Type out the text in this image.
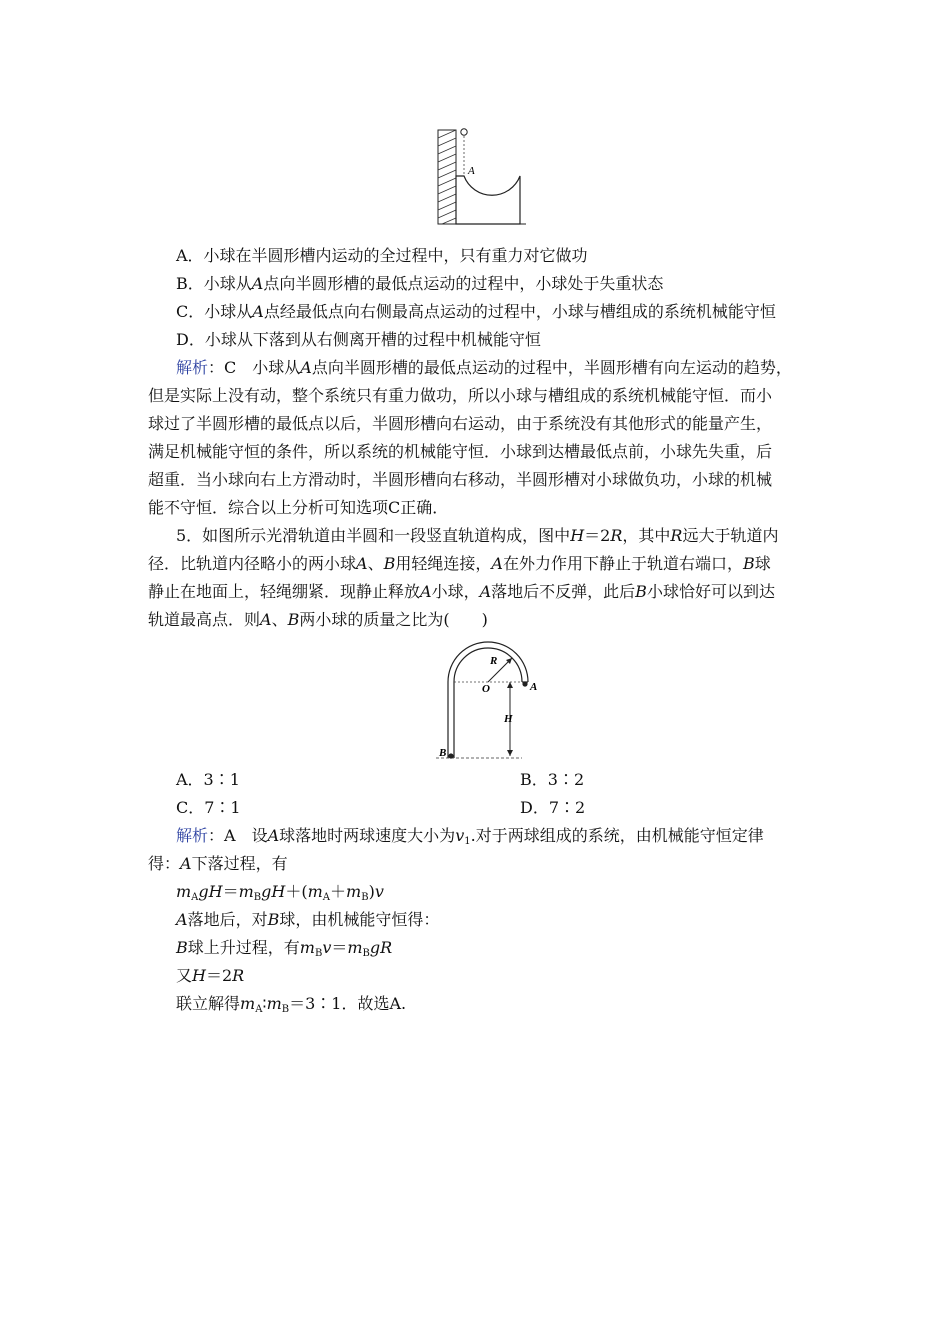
A
A．小球在半圆形槽内运动的全过程中，只有重力对它做功
B．小球从A点向半圆形槽的最低点运动的过程中，小球处于失重状态
C．小球从A点经最低点向右侧最高点运动的过程中，小球与槽组成的系统机械能守恒
D．小球从下落到从右侧离开槽的过程中机械能守恒
解析：C　 小球从A点向半圆形槽的最低点运动的过程中，半圆形槽有向左运动的趋势，
但是实际上没有动，整个系统只有重力做功，所以小球与槽组成的系统机械能守恒．而小
球过了半圆形槽的最低点以后，半圆形槽向右运动，由于系统没有其他形式的能量产生，
满足机械能守恒的条件，所以系统的机械能守恒．小球到达槽最低点前，小球先失重，后
超重．当小球向右上方滑动时，半圆形槽向右移动，半圆形槽对小球做负功，小球的机械
能不守恒．综合以上分析可知选项C正确．
5．如图所示光滑轨道由半圆和一段竖直轨道构成，图中H＝2R，其中R远大于轨道内
径．比轨道内径略小的两小球A、B用轻绳连接，A在外力作用下静止于轨道右端口，B球
静止在地面上，轻绳绷紧．现静止释放A小球，A落地后不反弹，此后B小球恰好可以到达
轨道最高点．则A、B两小球的质量之比为(　　)
R
O	A
H
B
A．3∶1	B．3∶2
C．7∶1	D．7∶2
解析：A　 设A球落地时两球速度大小为$v_1$.对于两球组成的系统，由机械能守恒定律
得：A下落过程，有
$m_AgH=m_BgH+(m_A+m_B)v$
A落地后，对B球，由机械能守恒得：
B球上升过程，有$m_Bv=m_BgR$
又H＝2R
联立解得$m_A∶m_B=3∶1$．故选A.
